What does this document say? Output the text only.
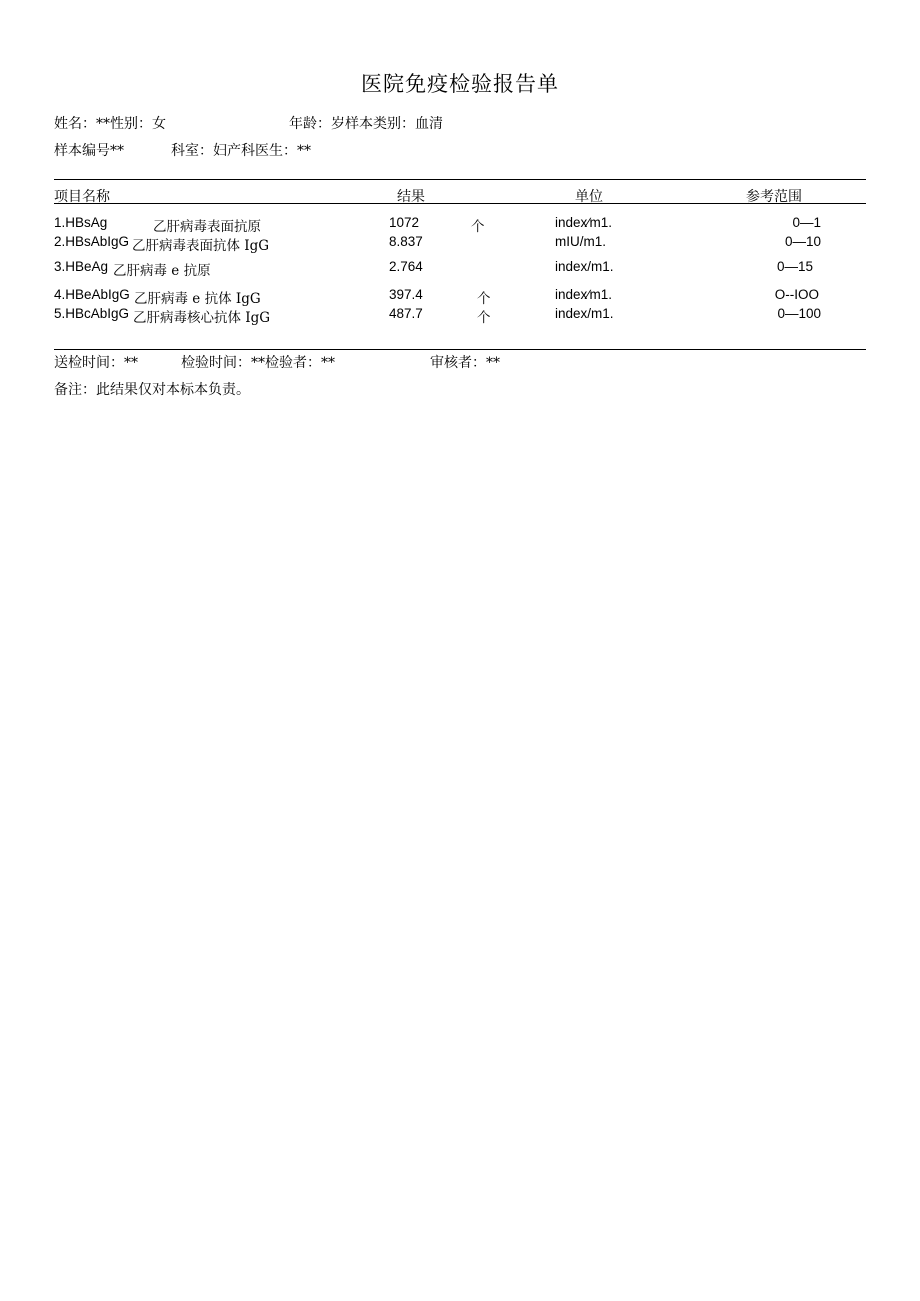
医院免疫检验报告单
姓名：**性别：女	年龄：岁样本类别：血清
样本编号**	科室：妇产科医生：**
项目名称	结果	单位	参考范围
1.HBsAg	乙肝病毒表面抗原	1072	个	index∕m1.	0—1
2.HBsAbIgG 乙肝病毒表面抗体 IgG	8.837	mIU/m1.	0—10
3.HBeAg 乙肝病毒 e 抗原	2.764	index/m1.	0—15
4.HBeAbIgG 乙肝病毒 e 抗体 IgG	397.4	个	index∕m1.	O--IOO
5.HBcAbIgG 乙肝病毒核心抗体 IgG	487.7	个	index/m1.	0—100
送检时间：**	检验时间：**检验者：**	审核者：**
备注：此结果仅对本标本负责。
